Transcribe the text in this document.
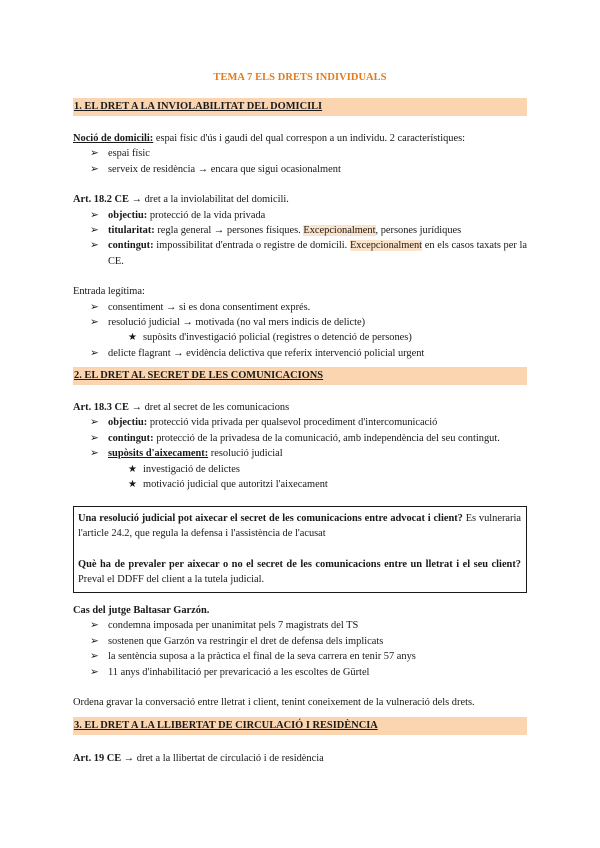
TEMA 7 ELS DRETS INDIVIDUALS
1. EL DRET A LA INVIOLABILITAT DEL DOMICILI
Noció de domicili: espai físic d'ús i gaudi del qual correspon a un individu. 2 característiques:
➢ espai físic
➢ serveix de residència → encara que sigui ocasionalment
Art. 18.2 CE → dret a la inviolabilitat del domicili.
➢ objectiu: protecció de la vida privada
➢ titularitat: regla general → persones físiques. Excepcionalment, persones jurídiques
➢ contingut: impossibilitat d'entrada o registre de domicili. Excepcionalment en els casos taxats per la CE.
Entrada legítima:
➢ consentiment → si es dona consentiment exprés.
➢ resolució judicial → motivada (no val mers indicis de delicte)
★ supòsits d'investigació policial (registres o detenció de persones)
➢ delicte flagrant → evidència delictiva que referix intervenció policial urgent
2. EL DRET AL SECRET DE LES COMUNICACIONS
Art. 18.3 CE → dret al secret de les comunicacions
➢ objectiu: protecció vida privada per qualsevol procediment d'intercomunicació
➢ contingut: protecció de la privadesa de la comunicació, amb independència del seu contingut.
➢ supòsits d'aixecament: resolució judicial
★ investigació de delictes
★ motivació judicial que autoritzi l'aixecament
Una resolució judicial pot aixecar el secret de les comunicacions entre advocat i client? Es vulneraria l'article 24.2, que regula la defensa i l'assistència de l'acusat
Què ha de prevaler per aixecar o no el secret de les comunicacions entre un lletrat i el seu client? Preval el DDFF del client a la tutela judicial.
Cas del jutge Baltasar Garzón.
➢ condemna imposada per unanimitat pels 7 magistrats del TS
➢ sostenen que Garzón va restringir el dret de defensa dels implicats
➢ la sentència suposa a la pràctica el final de la seva carrera en tenir 57 anys
➢ 11 anys d'inhabilitació per prevaricació a les escoltes de Gürtel
Ordena gravar la conversació entre lletrat i client, tenint coneixement de la vulneració dels drets.
3. EL DRET A LA LLIBERTAT DE CIRCULACIÓ I RESIDÈNCIA
Art. 19 CE → dret a la llibertat de circulació i de residència
